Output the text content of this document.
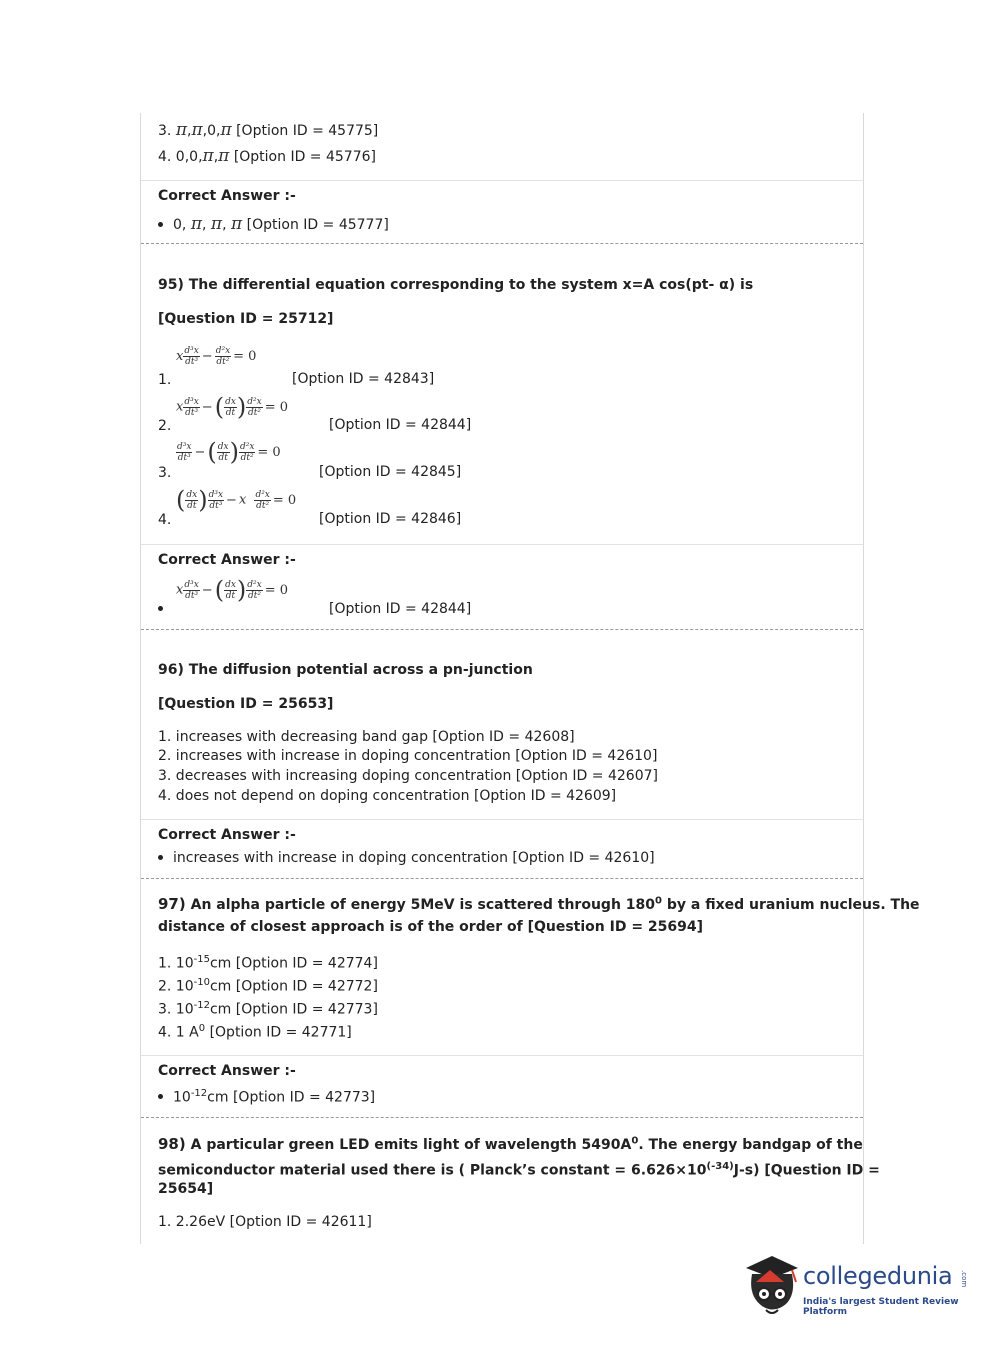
3. π,π,0,π [Option ID = 45775]
4. 0,0,π,π [Option ID = 45776]
Correct Answer :-
0, π, π, π [Option ID = 45777]
95) The differential equation corresponding to the system x=A cos(pt- α) is
[Question ID = 25712]
1.
x $\frac{\text{d³x}}{\text{dt³}} - \frac{\text{d²x}}{\text{dt²}} = 0$
[Option ID = 42843]
2.
x $\frac{\text{d³x}}{\text{dt³}}$ −( $\frac{dx}{dt}$ ) $\frac{\text{d²x}}{\text{dt²}} = 0$
[Option ID = 42844]
3.
$\frac{\text{d³x}}{\text{dt³}}$ −( $\frac{dx}{dt}$ ) $\frac{\text{d²x}}{\text{dt²}} = 0$
[Option ID = 42845]
4.
( $\frac{dx}{dt}$ ) $\frac{\text{d³x}}{\text{dt³}} - x \frac{\text{d²x}}{\text{dt²}} = 0$
[Option ID = 42846]
Correct Answer :-
x $\frac{\text{d³x}}{\text{dt³}}$ −( $\frac{dx}{dt}$ ) $\frac{\text{d²x}}{\text{dt²}} = 0$
[Option ID = 42844]
96) The diffusion potential across a pn-junction
[Question ID = 25653]
1. increases with decreasing band gap [Option ID = 42608]
2. increases with increase in doping concentration [Option ID = 42610]
3. decreases with increasing doping concentration [Option ID = 42607]
4. does not depend on doping concentration [Option ID = 42609]
Correct Answer :-
increases with increase in doping concentration [Option ID = 42610]
97) An alpha particle of energy 5MeV is scattered through $180^0$ by a fixed uranium nucleus. The
distance of closest approach is of the order of [Question ID = 25694]
1. $10^{-15}cm$ [Option ID = 42774]
2. $10^{-10}cm$ [Option ID = 42772]
3. $10^{-12}cm$ [Option ID = 42773]
4. 1 $A^0$ [Option ID = 42771]
Correct Answer :-
$10^{-12}cm$ [Option ID = 42773]
98) A particular green LED emits light of wavelength $5490A^0$. The energy bandgap of the
semiconductor material used there is ( Planck’s constant = $6.626\times 10^{(-34)}J-s$) [Question ID =
25654]
1. 2.26eV [Option ID = 42611]
collegedunia .com
India's largest Student Review Platform
